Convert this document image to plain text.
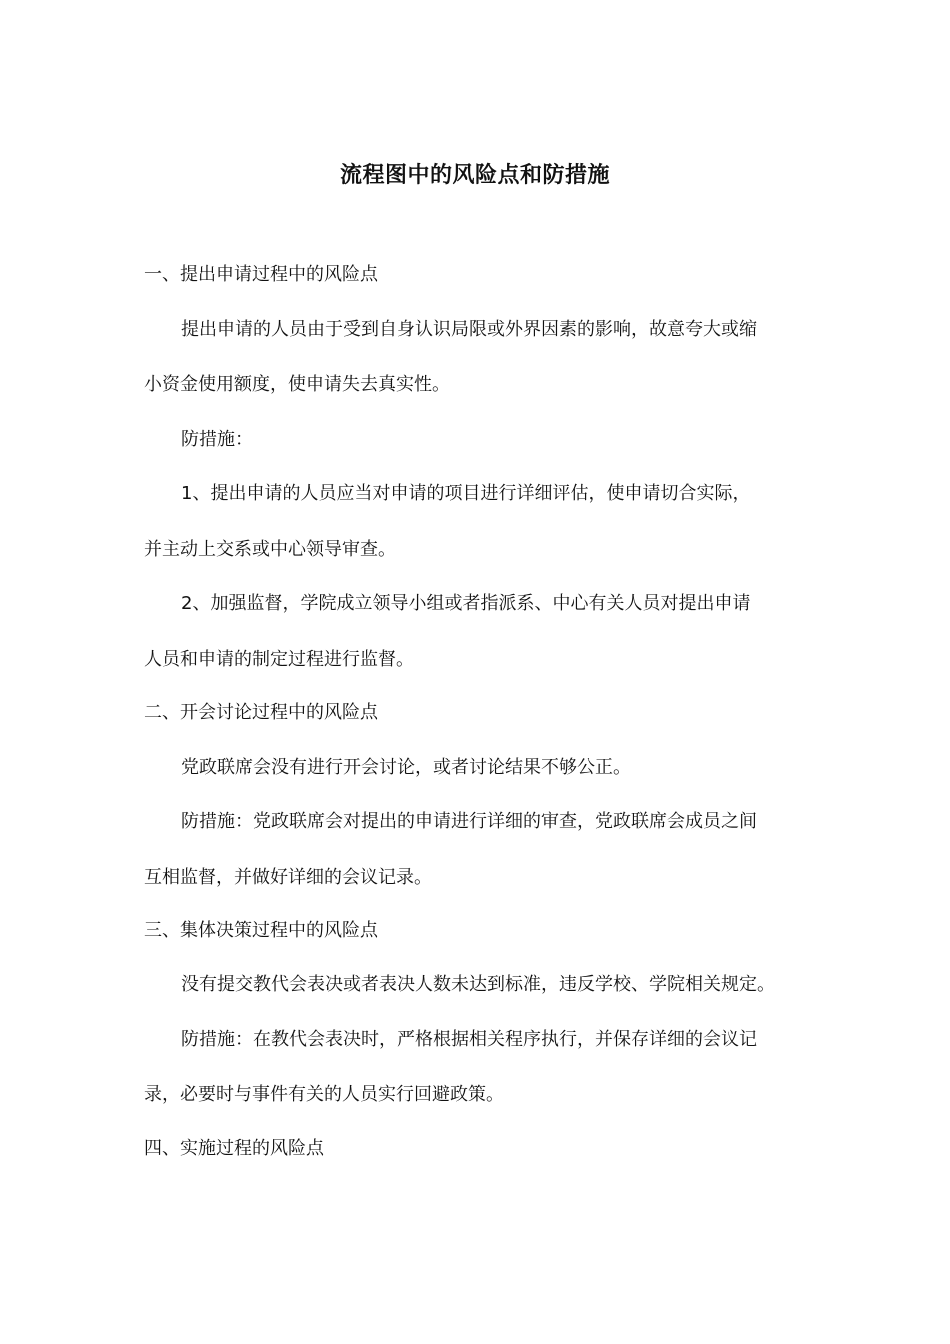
流程图中的风险点和防措施
一、提出申请过程中的风险点
提出申请的人员由于受到自身认识局限或外界因素的影响，故意夸大或缩
小资金使用额度，使申请失去真实性。
防措施：
1、提出申请的人员应当对申请的项目进行详细评估，使申请切合实际，
并主动上交系或中心领导审查。
2、加强监督，学院成立领导小组或者指派系、中心有关人员对提出申请
人员和申请的制定过程进行监督。
二、开会讨论过程中的风险点
党政联席会没有进行开会讨论，或者讨论结果不够公正。
防措施：党政联席会对提出的申请进行详细的审查，党政联席会成员之间
互相监督，并做好详细的会议记录。
三、集体决策过程中的风险点
没有提交教代会表决或者表决人数未达到标准，违反学校、学院相关规定。
防措施：在教代会表决时，严格根据相关程序执行，并保存详细的会议记
录，必要时与事件有关的人员实行回避政策。
四、实施过程的风险点
